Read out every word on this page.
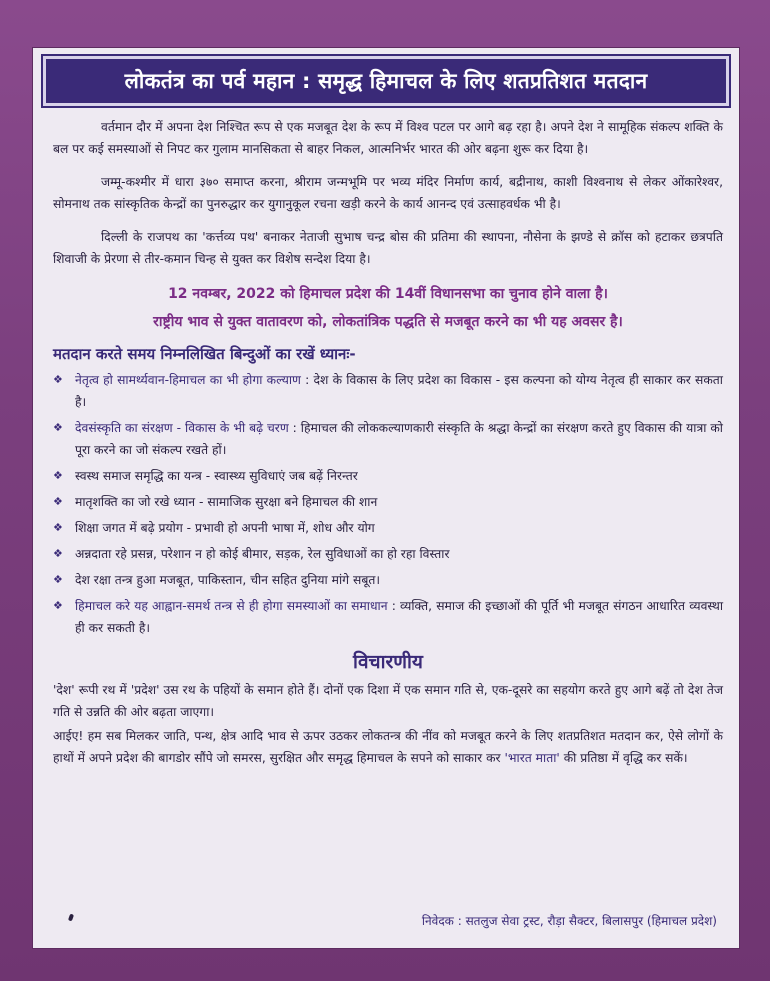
लोकतंत्र का पर्व महान : समृद्ध हिमाचल के लिए शतप्रतिशत मतदान

वर्तमान दौर में अपना देश निश्चित रूप से एक मजबूत देश के रूप में विश्व पटल पर आगे बढ़ रहा है। अपने देश ने सामूहिक संकल्प शक्ति के बल पर कई समस्याओं से निपट कर गुलाम मानसिकता से बाहर निकल, आत्मनिर्भर भारत की ओर बढ़ना शुरू कर दिया है।

जम्मू-कश्मीर में धारा ३७० समाप्त करना, श्रीराम जन्मभूमि पर भव्य मंदिर निर्माण कार्य, बद्रीनाथ, काशी विश्वनाथ से लेकर ओंकारेश्वर, सोमनाथ तक सांस्कृतिक केन्द्रों का पुनरुद्धार कर युगानुकूल रचना खड़ी करने के कार्य आनन्द एवं उत्साहवर्धक भी है।

दिल्ली के राजपथ का 'कर्त्तव्य पथ' बनाकर नेताजी सुभाष चन्द्र बोस की प्रतिमा की स्थापना, नौसेना के झण्डे से क्रॉस को हटाकर छत्रपति शिवाजी के प्रेरणा से तीर-कमान चिन्ह से युक्त कर विशेष सन्देश दिया है।

12 नवम्बर, 2022 को हिमाचल प्रदेश की 14वीं विधानसभा का चुनाव होने वाला है।
राष्ट्रीय भाव से युक्त वातावरण को, लोकतांत्रिक पद्धति से मजबूत करने का भी यह अवसर है।
मतदान करते समय निम्नलिखित बिन्दुओं का रखें ध्यानः-
❖ नेतृत्व हो सामर्थ्यवान-हिमाचल का भी होगा कल्याण : देश के विकास के लिए प्रदेश का विकास - इस कल्पना को योग्य नेतृत्व ही साकार कर सकता है।
❖ देवसंस्कृति का संरक्षण - विकास के भी बढ़े चरण : हिमाचल की लोककल्याणकारी संस्कृति के श्रद्धा केन्द्रों का संरक्षण करते हुए विकास की यात्रा को पूरा करने का जो संकल्प रखते हों।
❖ स्वस्थ समाज समृद्धि का यन्त्र - स्वास्थ्य सुविधाएं जब बढ़ें निरन्तर
❖ मातृशक्ति का जो रखे ध्यान - सामाजिक सुरक्षा बने हिमाचल की शान
❖ शिक्षा जगत में बढ़े प्रयोग - प्रभावी हो अपनी भाषा में, शोध और योग
❖ अन्नदाता रहे प्रसन्न, परेशान न हो कोई बीमार, सड़क, रेल सुविधाओं का हो रहा विस्तार
❖ देश रक्षा तन्त्र हुआ मजबूत, पाकिस्तान, चीन सहित दुनिया मांगे सबूत।
❖ हिमाचल करे यह आह्वान-समर्थ तन्त्र से ही होगा समस्याओं का समाधान : व्यक्ति, समाज की इच्छाओं की पूर्ति भी मजबूत संगठन आधारित व्यवस्था ही कर सकती है।
विचारणीय

'देश' रूपी रथ में 'प्रदेश' उस रथ के पहियों के समान होते हैं। दोनों एक दिशा में एक समान गति से, एक-दूसरे का सहयोग करते हुए आगे बढ़ें तो देश तेज गति से उन्नति की ओर बढ़ता जाएगा।

आईए! हम सब मिलकर जाति, पन्थ, क्षेत्र आदि भाव से ऊपर उठकर लोकतन्त्र की नींव को मजबूत करने के लिए शतप्रतिशत मतदान कर, ऐसे लोगों के हाथों में अपने प्रदेश की बागडोर सौंपे जो समरस, सुरक्षित और समृद्ध हिमाचल के सपने को साकार कर 'भारत माता' की प्रतिष्ठा में वृद्धि कर सकें।

निवेदक : सतलुज सेवा ट्रस्ट, रौड़ा सैक्टर, बिलासपुर (हिमाचल प्रदेश)
